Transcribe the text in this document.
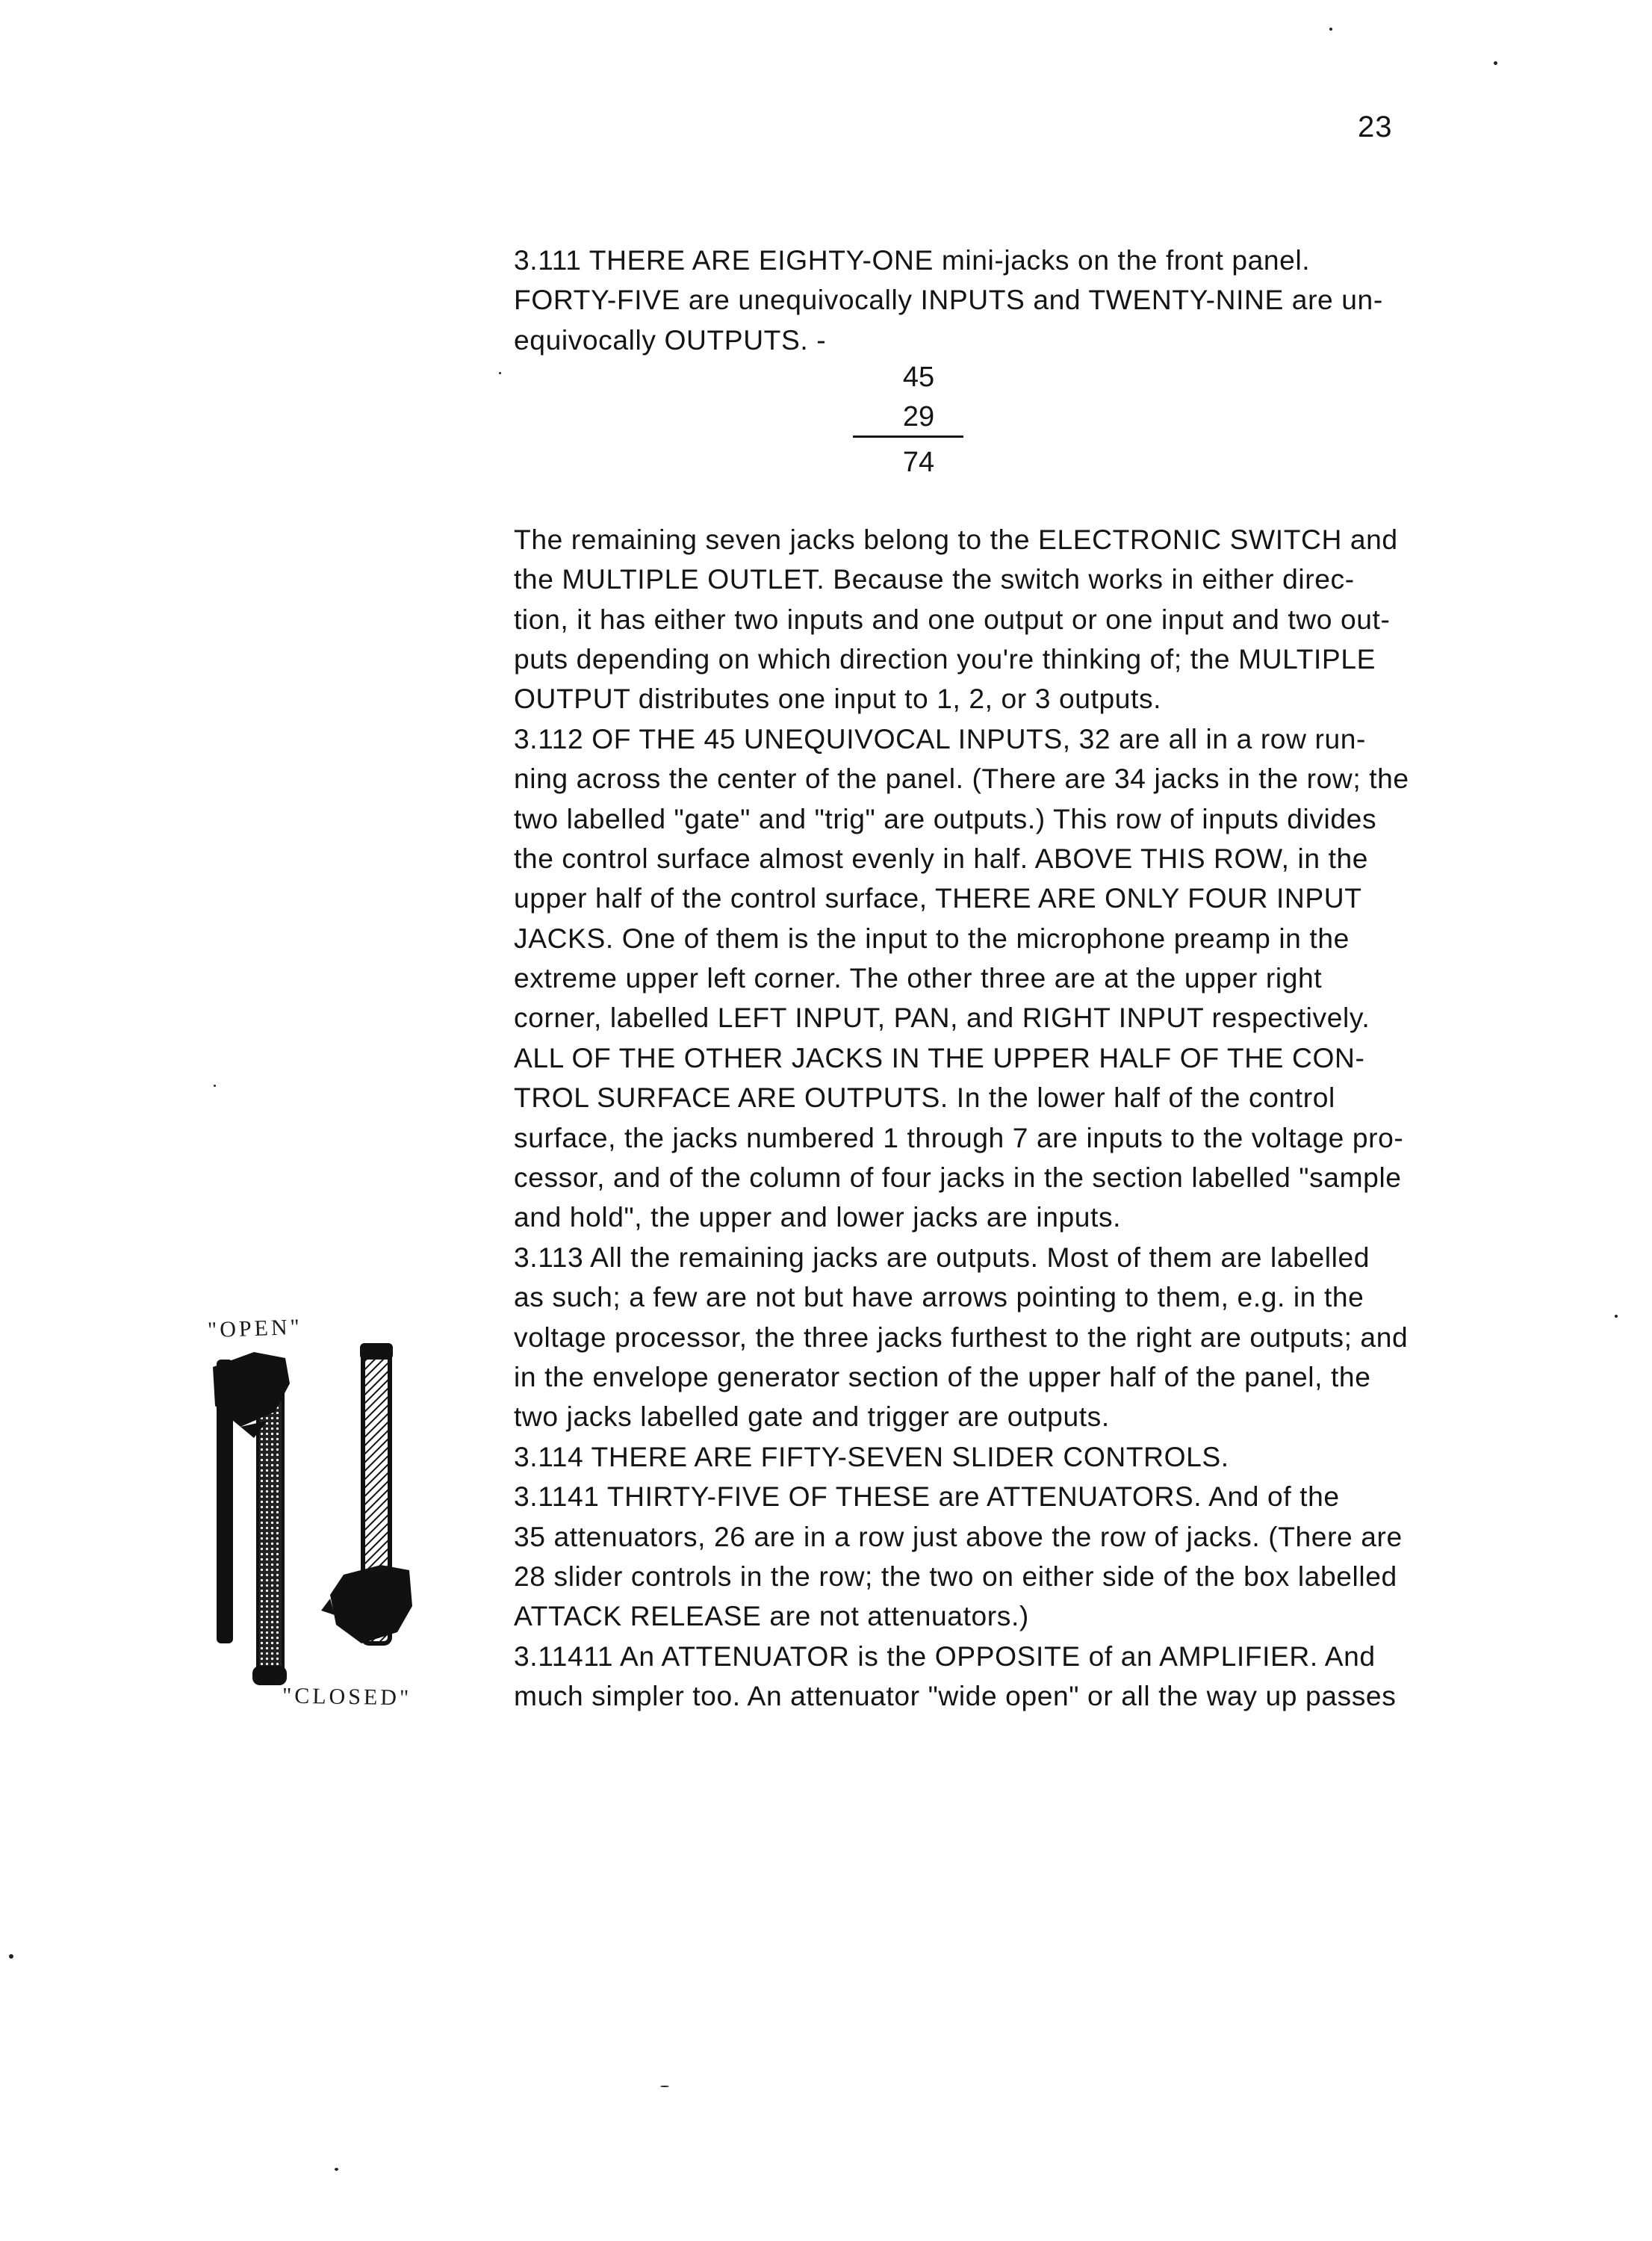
23

3.111 THERE ARE EIGHTY-ONE mini-jacks on the front panel.
FORTY-FIVE are unequivocally INPUTS and TWENTY-NINE are un-
equivocally OUTPUTS. -

The remaining seven jacks belong to the ELECTRONIC SWITCH and
the MULTIPLE OUTLET. Because the switch works in either direc-
tion, it has either two inputs and one output or one input and two out-
puts depending on which direction you're thinking of; the MULTIPLE
OUTPUT distributes one input to 1, 2, or 3 outputs.

3.112 OF THE 45 UNEQUIVOCAL INPUTS, 32 are all in a row run-
ning across the center of the panel. (There are 34 jacks in the row; the
two labelled "gate" and "trig" are outputs.) This row of inputs divides
the control surface almost evenly in half. ABOVE THIS ROW, in the
upper half of the control surface, THERE ARE ONLY FOUR INPUT
JACKS. One of them is the input to the microphone preamp in the
extreme upper left corner. The other three are at the upper right
corner, labelled LEFT INPUT, PAN, and RIGHT INPUT respectively.
ALL OF THE OTHER JACKS IN THE UPPER HALF OF THE CON-
TROL SURFACE ARE OUTPUTS. In the lower half of the control
surface, the jacks numbered 1 through 7 are inputs to the voltage pro-
cessor, and of the column of four jacks in the section labelled "sample
and hold", the upper and lower jacks are inputs.

3.113 All the remaining jacks are outputs. Most of them are labelled
as such; a few are not but have arrows pointing to them, e.g. in the
voltage processor, the three jacks furthest to the right are outputs; and
in the envelope generator section of the upper half of the panel, the
two jacks labelled gate and trigger are outputs.

3.114 THERE ARE FIFTY-SEVEN SLIDER CONTROLS.

3.1141 THIRTY-FIVE OF THESE are ATTENUATORS. And of the
35 attenuators, 26 are in a row just above the row of jacks. (There are
28 slider controls in the row; the two on either side of the box labelled
ATTACK RELEASE are not attenuators.)

3.11411 An ATTENUATOR is the OPPOSITE of an AMPLIFIER. And
much simpler too. An attenuator "wide open" or all the way up passes

45
29
74
"OPEN"
"CLOSED"
